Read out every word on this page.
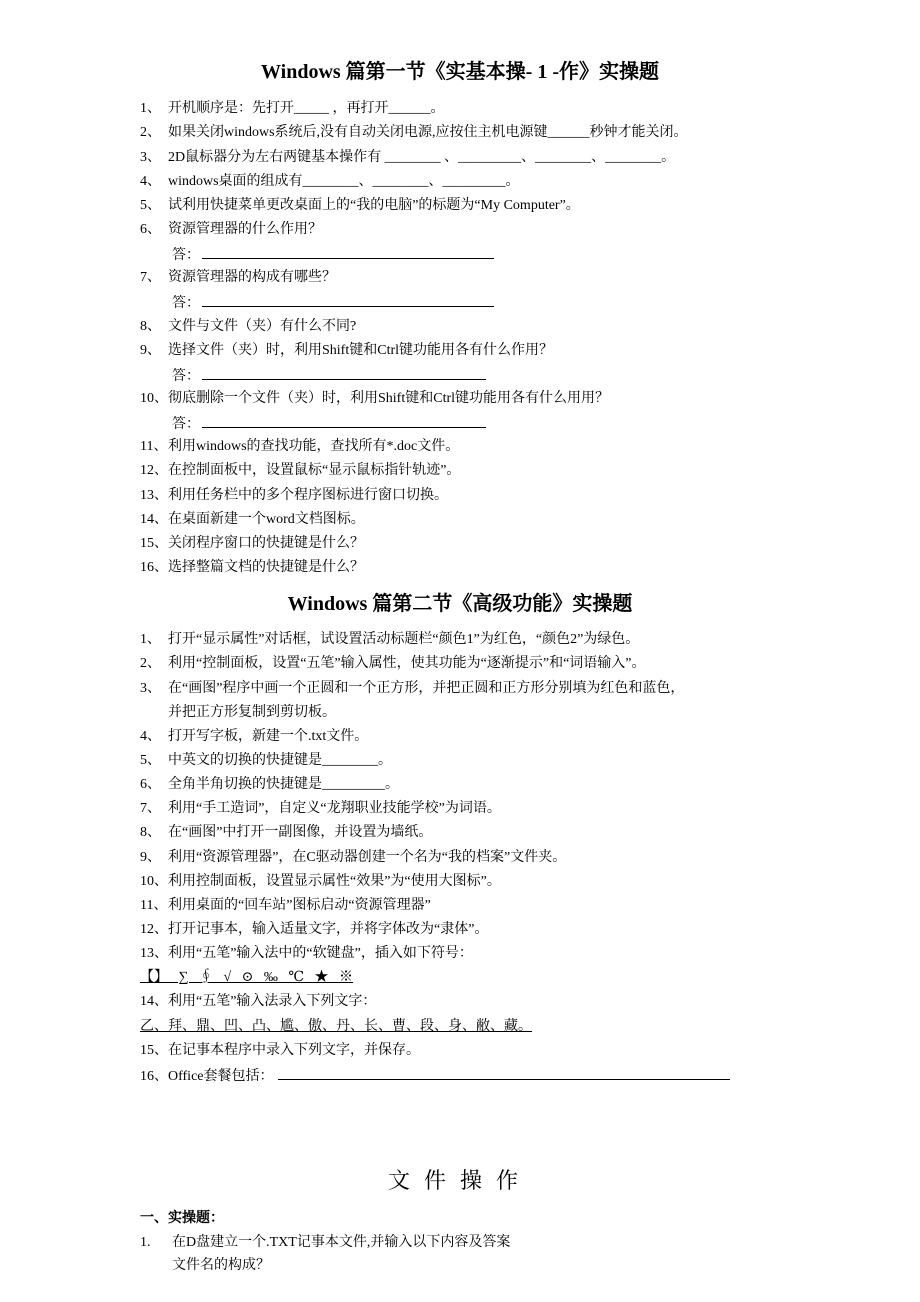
Windows 篇第一节《实基本操- 1 -作》实操题
1、 开机顺序是：先打开_____ ，再打开______。
2、 如果关闭windows系统后,没有自动关闭电源,应按住主机电源键______秒钟才能关闭。
3、 2D鼠标器分为左右两键基本操作有 ________ 、_________、________、________。
4、 windows桌面的组成有________、________、_________。
5、 试利用快捷菜单更改桌面上的“我的电脑”的标题为“My Computer”。
6、 资源管理器的什么作用？
答：
7、 资源管理器的构成有哪些？
答：
8、 文件与文件（夹）有什么不同?
9、 选择文件（夹）时，利用Shift键和Ctrl键功能用各有什么作用？
答：
10、彻底删除一个文件（夹）时，利用Shift键和Ctrl键功能用各有什么用用？
答：
11、利用windows的查找功能，查找所有*.doc文件。
12、在控制面板中，设置鼠标“显示鼠标指针轨迹”。
13、利用任务栏中的多个程序图标进行窗口切换。
14、在桌面新建一个word文档图标。
15、关闭程序窗口的快捷键是什么？
16、选择整篇文档的快捷键是什么？
Windows 篇第二节《高级功能》实操题
1、 打开“显示属性”对话框，试设置活动标题栏“颜色1”为红色，“颜色2”为绿色。
2、 利用“控制面板，设置“五笔”输入属性，使其功能为“逐渐提示”和“词语输入”。
3、 在“画图”程序中画一个正圆和一个正方形，并把正圆和正方形分别填为红色和蓝色，
并把正方形复制到剪切板。
4、 打开写字板，新建一个.txt文件。
5、 中英文的切换的快捷键是________。
6、 全角半角切换的快捷键是_________。
7、 利用“手工造词”，自定义“龙翔职业技能学校”为词语。
8、 在“画图”中打开一副图像，并设置为墙纸。
9、 利用“资源管理器”，在C驱动器创建一个名为“我的档案”文件夹。
10、利用控制面板，设置显示属性“效果”为“使用大图标”。
11、利用桌面的“回车站”图标启动“资源管理器”
12、打开记事本，输入适量文字，并将字体改为“隶体”。
13、利用“五笔”输入法中的“软键盘”，插入如下符号：
【】   ∑   ∮   √   ⊙   ‰   ℃   ★   ※
14、利用“五笔”输入法录入下列文字：
乙、拜、鼎、凹、凸、尴、傲、丹、长、曹、段、身、敝、藏。
15、在记事本程序中录入下列文字，并保存。
16、Office套餐包括：
文件操作
一、实操题：
1. 在D盘建立一个.TXT记事本文件,并输入以下内容及答案
文件名的构成？
